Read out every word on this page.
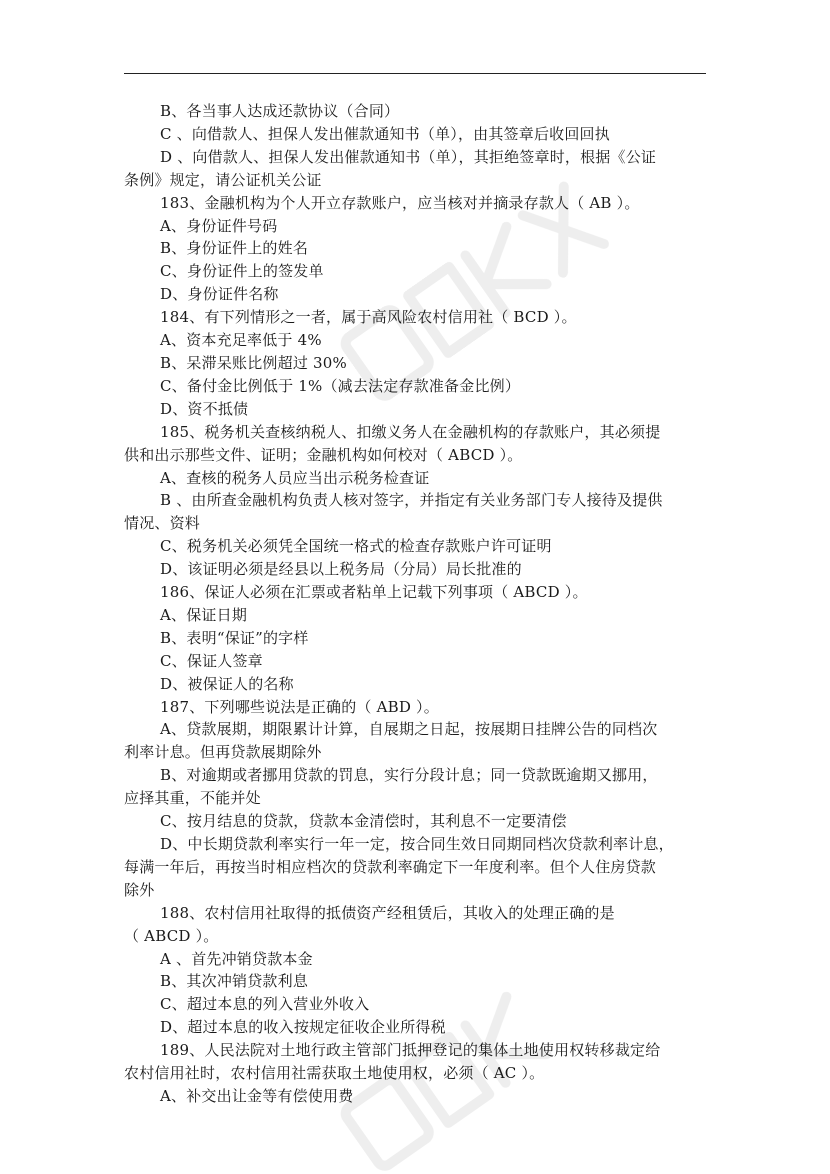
B、各当事人达成还款协议（合同）
C 、向借款人、担保人发出催款通知书（单），由其签章后收回回执
D 、向借款人、担保人发出催款通知书（单），其拒绝签章时，根据《公证
条例》规定，请公证机关公证
183、金融机构为个人开立存款账户，应当核对并摘录存款人（ AB ）。
A、身份证件号码
B、身份证件上的姓名
C、身份证件上的签发单
D、身份证件名称
184、有下列情形之一者，属于高风险农村信用社（ BCD ）。
A、资本充足率低于 4%
B、呆滞呆账比例超过 30%
C、备付金比例低于 1%（减去法定存款准备金比例）
D、资不抵债
185、税务机关查核纳税人、扣缴义务人在金融机构的存款账户，其必须提
供和出示那些文件、证明；金融机构如何校对（ ABCD ）。
A、查核的税务人员应当出示税务检查证
B 、由所查金融机构负责人核对签字，并指定有关业务部门专人接待及提供
情况、资料
C、税务机关必须凭全国统一格式的检查存款账户许可证明
D、该证明必须是经县以上税务局（分局）局长批准的
186、保证人必须在汇票或者粘单上记载下列事项（ ABCD ）。
A、保证日期
B、表明“保证”的字样
C、保证人签章
D、被保证人的名称
187、下列哪些说法是正确的（ ABD ）。
A、贷款展期，期限累计计算，自展期之日起，按展期日挂牌公告的同档次
利率计息。但再贷款展期除外
B、对逾期或者挪用贷款的罚息，实行分段计息；同一贷款既逾期又挪用，
应择其重，不能并处
C、按月结息的贷款，贷款本金清偿时，其利息不一定要清偿
D、中长期贷款利率实行一年一定，按合同生效日同期同档次贷款利率计息，
每满一年后，再按当时相应档次的贷款利率确定下一年度利率。但个人住房贷款
除外
188、农村信用社取得的抵债资产经租赁后，其收入的处理正确的是
（ ABCD ）。
A 、首先冲销贷款本金
B、其次冲销贷款利息
C、超过本息的列入营业外收入
D、超过本息的收入按规定征收企业所得税
189、人民法院对土地行政主管部门抵押登记的集体土地使用权转移裁定给
农村信用社时，农村信用社需获取土地使用权，必须（ AC ）。
A、补交出让金等有偿使用费
